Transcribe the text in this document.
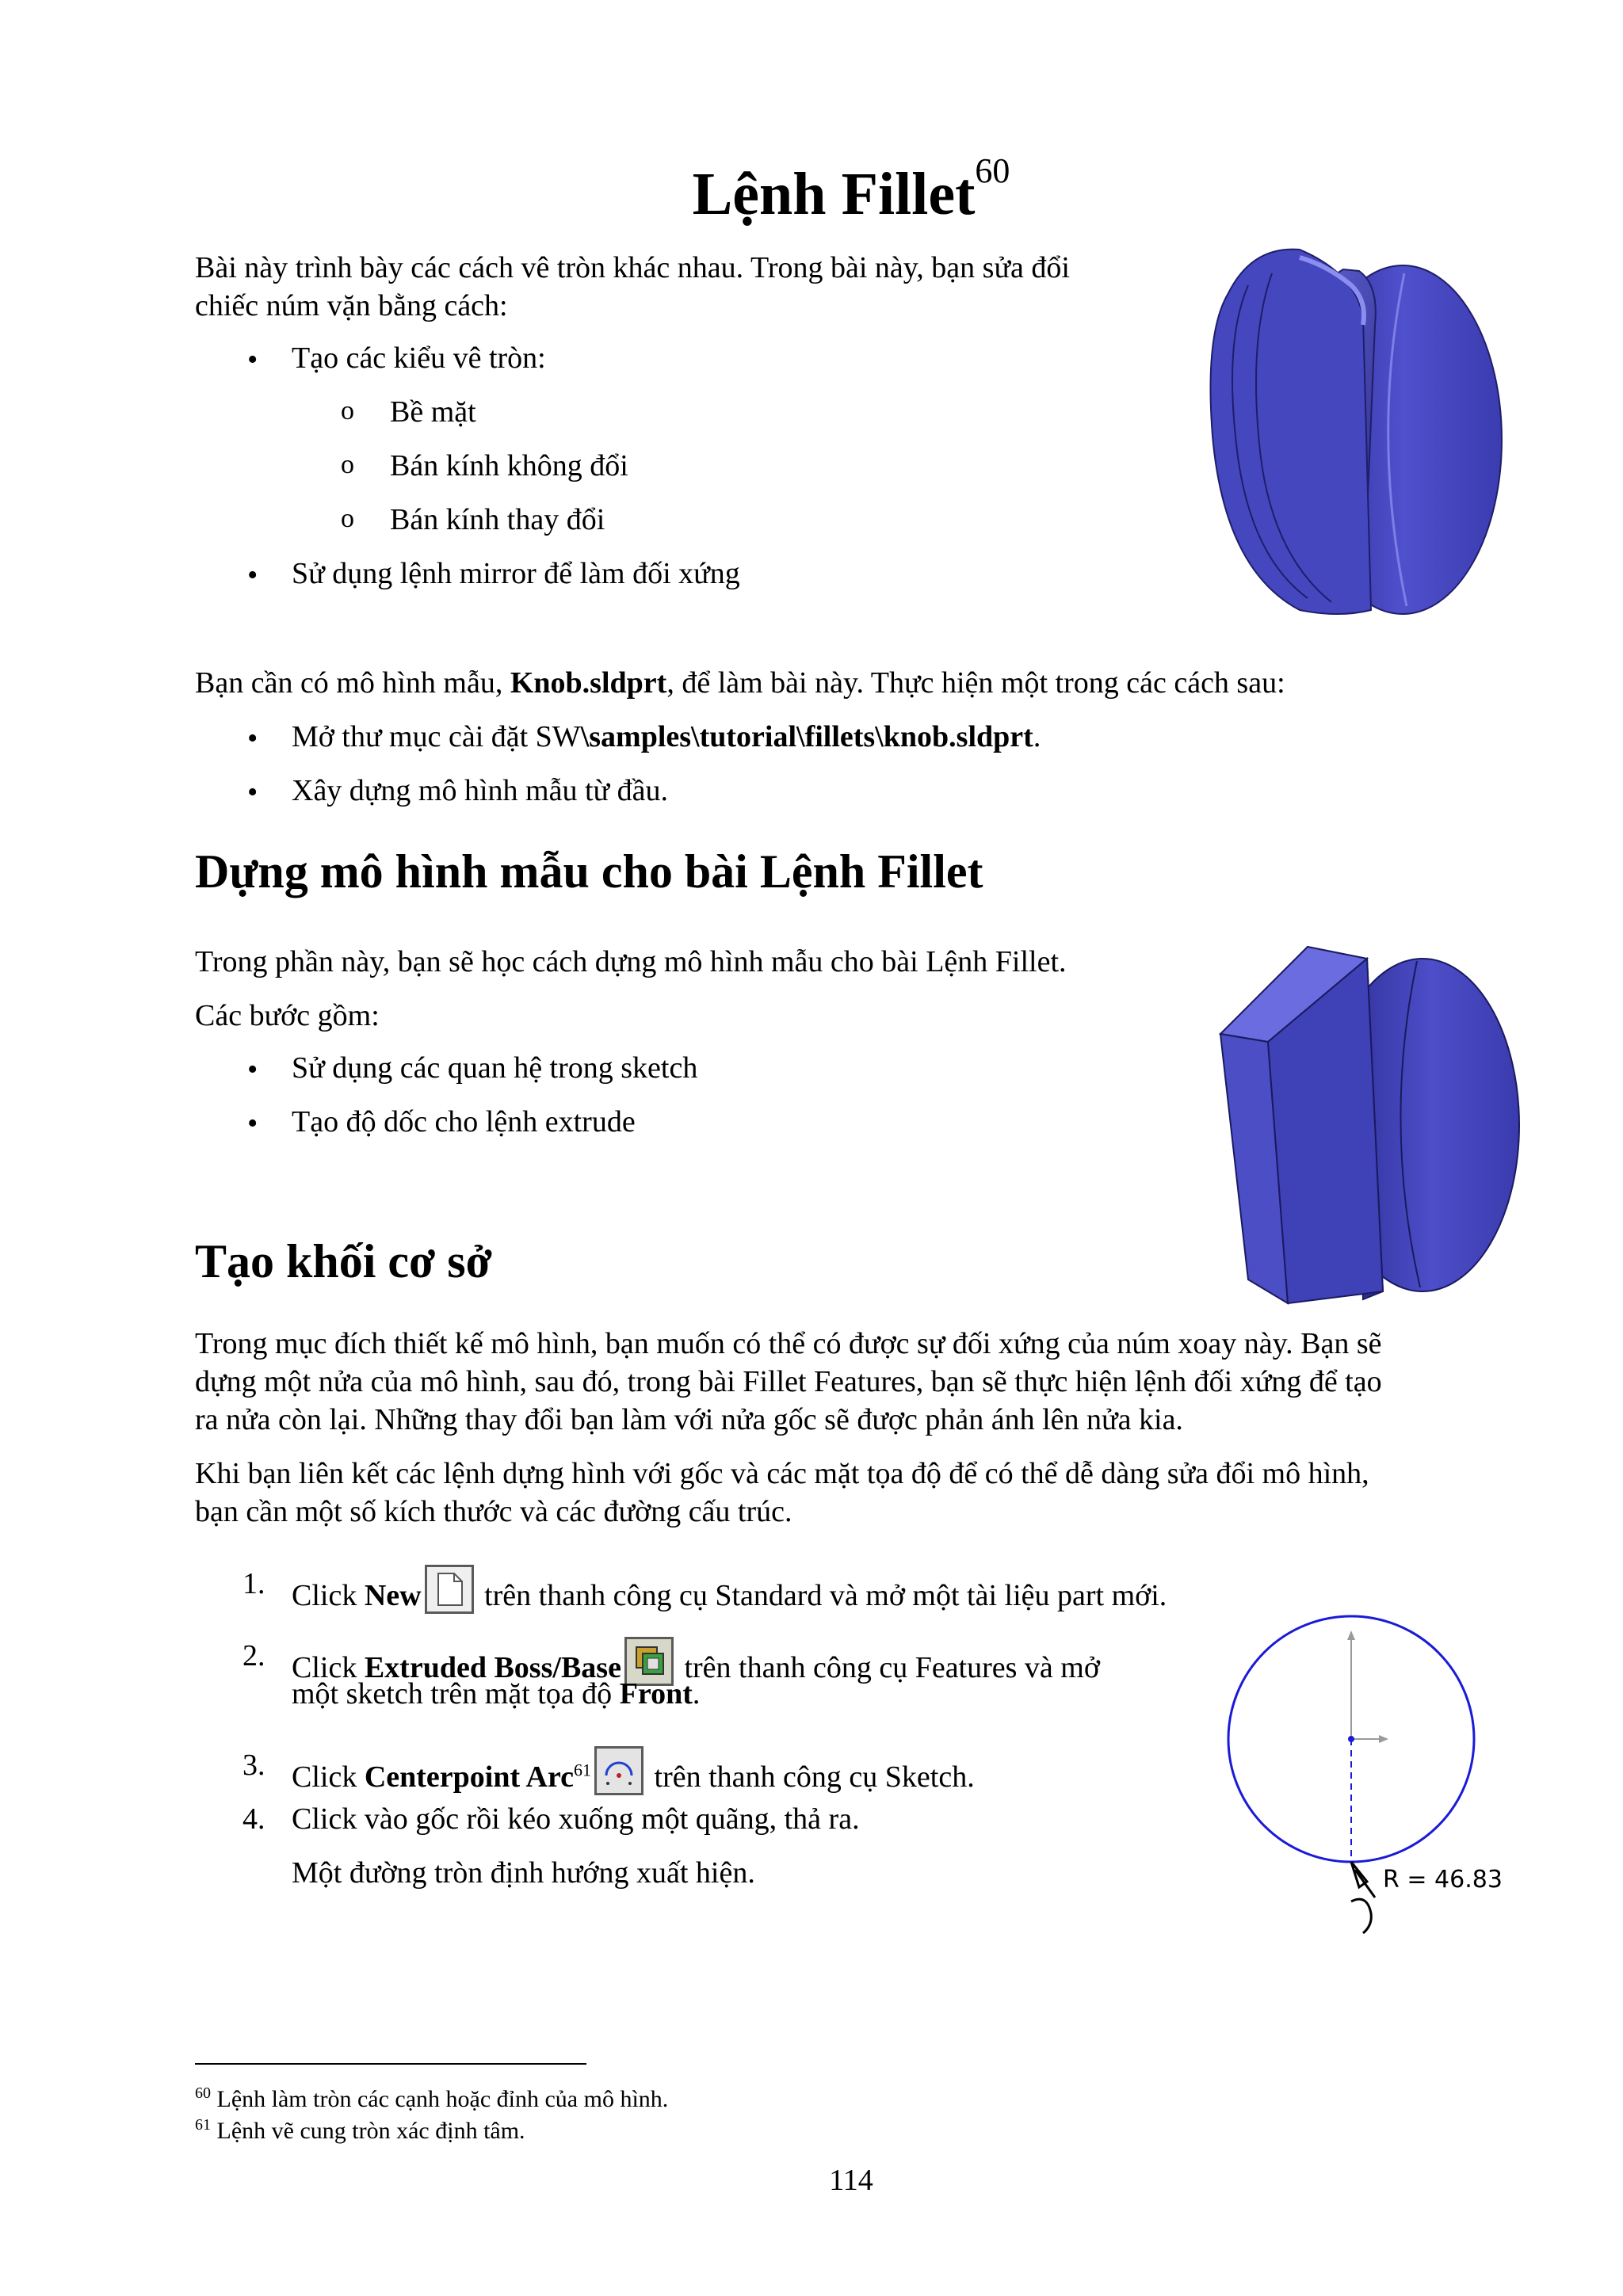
Lệnh Fillet$^{60}$
Bài này trình bày các cách vê tròn khác nhau. Trong bài này, bạn sửa đổi
chiếc núm vặn bằng cách:
• Tạo các kiểu vê tròn:
o Bề mặt
o Bán kính không đổi
o Bán kính thay đổi
• Sử dụng lệnh mirror để làm đối xứng
Bạn cần có mô hình mẫu, Knob.sldprt, để làm bài này. Thực hiện một trong các cách sau:
• Mở thư mục cài đặt SW\samples\tutorial\fillets\knob.sldprt.
• Xây dựng mô hình mẫu từ đầu.
Dựng mô hình mẫu cho bài Lệnh Fillet
Trong phần này, bạn sẽ học cách dựng mô hình mẫu cho bài Lệnh Fillet.
Các bước gồm:
• Sử dụng các quan hệ trong sketch
• Tạo độ dốc cho lệnh extrude
Tạo khối cơ sở
Trong mục đích thiết kế mô hình, bạn muốn có thể có được sự đối xứng của núm xoay này. Bạn sẽ
dựng một nửa của mô hình, sau đó, trong bài Fillet Features, bạn sẽ thực hiện lệnh đối xứng để tạo
ra nửa còn lại. Những thay đổi bạn làm với nửa gốc sẽ được phản ánh lên nửa kia.
Khi bạn liên kết các lệnh dựng hình với gốc và các mặt tọa độ để có thể dễ dàng sửa đổi mô hình,
bạn cần một số kích thước và các đường cấu trúc.
1. Click New trên thanh công cụ Standard và mở một tài liệu part mới.
2. Click Extruded Boss/Base trên thanh công cụ Features và mở
một sketch trên mặt tọa độ Front.
3. Click Centerpoint Arc$^{61}$ trên thanh công cụ Sketch.
4. Click vào gốc rồi kéo xuống một quãng, thả ra.
Một đường tròn định hướng xuất hiện.	R = 46.83
$^{60}$ Lệnh làm tròn các cạnh hoặc đỉnh của mô hình.
$^{61}$ Lệnh vẽ cung tròn xác định tâm.
114
